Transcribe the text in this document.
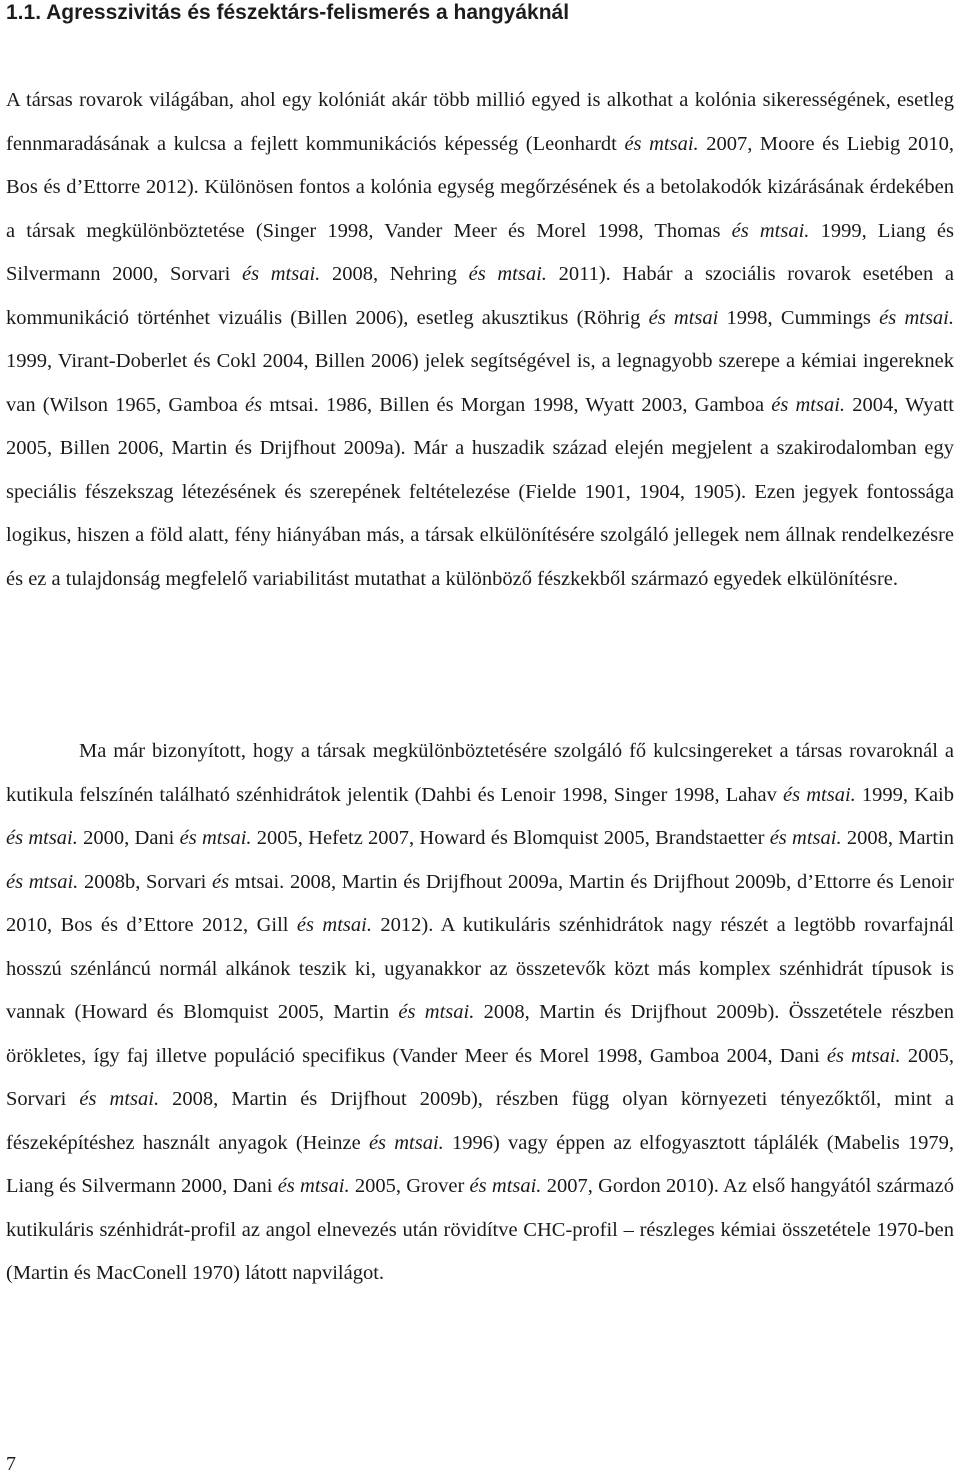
1.1. Agresszivitás és fészektárs-felismerés a hangyáknál

A társas rovarok világában, ahol egy kolóniát akár több millió egyed is alkothat a kolónia sikerességének, esetleg fennmaradásának a kulcsa a fejlett kommunikációs képesség (Leonhardt és mtsai. 2007, Moore és Liebig 2010, Bos és d’Ettorre 2012). Különösen fontos a kolónia egység megőrzésének és a betolakodók kizárásának érdekében a társak megkülönböztetése (Singer 1998, Vander Meer és Morel 1998, Thomas és mtsai. 1999, Liang és Silvermann 2000, Sorvari és mtsai. 2008, Nehring és mtsai. 2011). Habár a szociális rovarok esetében a kommunikáció történhet vizuális (Billen 2006), esetleg akusztikus (Röhrig és mtsai 1998, Cummings és mtsai. 1999, Virant-Doberlet és Cokl 2004, Billen 2006) jelek segítségével is, a legnagyobb szerepe a kémiai ingereknek van (Wilson 1965, Gamboa és mtsai. 1986, Billen és Morgan 1998, Wyatt 2003, Gamboa és mtsai. 2004, Wyatt 2005, Billen 2006, Martin és Drijfhout 2009a). Már a huszadik század elején megjelent a szakirodalomban egy speciális fészekszag létezésének és szerepének feltételezése (Fielde 1901, 1904, 1905). Ezen jegyek fontossága logikus, hiszen a föld alatt, fény hiányában más, a társak elkülönítésére szolgáló jellegek nem állnak rendelkezésre és ez a tulajdonság megfelelő variabilitást mutathat a különböző fészkekből származó egyedek elkülönítésre.

Ma már bizonyított, hogy a társak megkülönböztetésére szolgáló fő kulcsingereket a társas rovaroknál a kutikula felszínén található szénhidrátok jelentik (Dahbi és Lenoir 1998, Singer 1998, Lahav és mtsai. 1999, Kaib és mtsai. 2000, Dani és mtsai. 2005, Hefetz 2007, Howard és Blomquist 2005, Brandstaetter és mtsai. 2008, Martin és mtsai. 2008b, Sorvari és mtsai. 2008, Martin és Drijfhout 2009a, Martin és Drijfhout 2009b, d’Ettorre és Lenoir 2010, Bos és d’Ettore 2012, Gill és mtsai. 2012). A kutikuláris szénhidrátok nagy részét a legtöbb rovarfajnál hosszú szénláncú normál alkánok teszik ki, ugyanakkor az összetevők közt más komplex szénhidrát típusok is vannak (Howard és Blomquist 2005, Martin és mtsai. 2008, Martin és Drijfhout 2009b). Összetétele részben örökletes, így faj illetve populáció specifikus (Vander Meer és Morel 1998, Gamboa 2004, Dani és mtsai. 2005, Sorvari és mtsai. 2008, Martin és Drijfhout 2009b), részben függ olyan környezeti tényezőktől, mint a fészeképítéshez használt anyagok (Heinze és mtsai. 1996) vagy éppen az elfogyasztott táplálék (Mabelis 1979, Liang és Silvermann 2000, Dani és mtsai. 2005, Grover és mtsai. 2007, Gordon 2010). Az első hangyától származó kutikuláris szénhidrát-profil az angol elnevezés után rövidítve CHC-profil – részleges kémiai összetétele 1970-ben (Martin és MacConell 1970) látott napvilágot.

7
